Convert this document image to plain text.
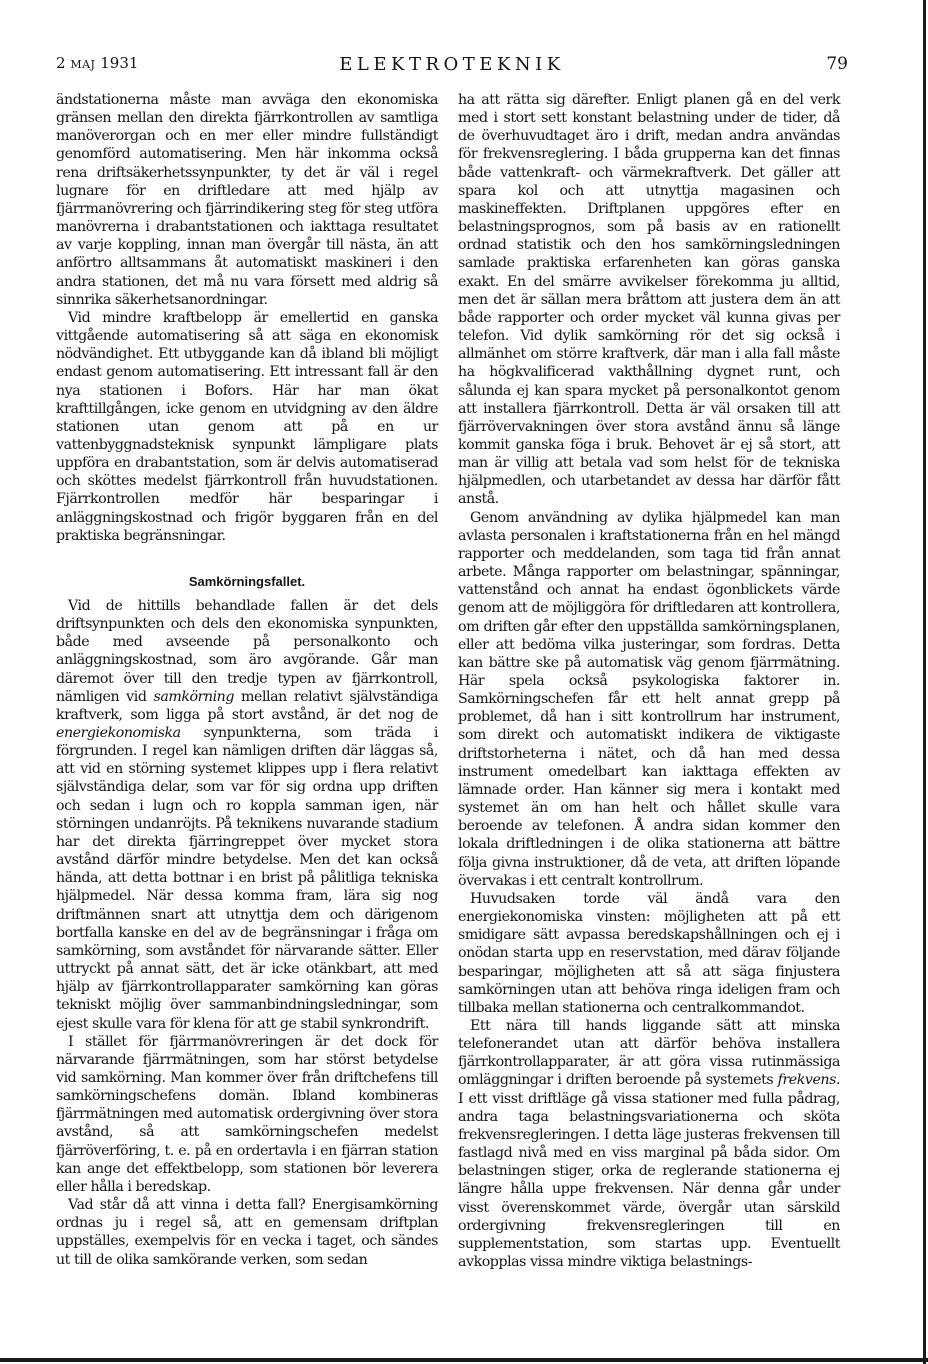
2 MAJ 1931	ELEKTROTEKNIK	79

ändstationerna måste man avväga den ekonomiska gränsen mellan den direkta fjärrkontrollen av samtliga manöverorgan och en mer eller mindre fullständigt genomförd automatisering. Men här inkomma också rena driftsäkerhetssynpunkter, ty det är väl i regel lugnare för en driftledare att med hjälp av fjärrmanövrering och fjärrindikering steg för steg utföra manövrerna i drabantstationen och iakttaga resultatet av varje koppling, innan man övergår till nästa, än att anförtro alltsammans åt automatiskt maskineri i den andra stationen, det må nu vara försett med aldrig så sinnrika säkerhetsanordningar.

Vid mindre kraftbelopp är emellertid en ganska vittgående automatisering så att säga en ekonomisk nödvändighet. Ett utbyggande kan då ibland bli möjligt endast genom automatisering. Ett intressant fall är den nya stationen i Bofors. Här har man ökat krafttillgången, icke genom en utvidgning av den äldre stationen utan genom att på en ur vattenbyggnadsteknisk synpunkt lämpligare plats uppföra en drabantstation, som är delvis automatiserad och sköttes medelst fjärrkontroll från huvudstationen. Fjärrkontrollen medför här besparingar i anläggningskostnad och frigör byggaren från en del praktiska begränsningar.

Samkörningsfallet.

Vid de hittills behandlade fallen är det dels driftsynpunkten och dels den ekonomiska synpunkten, både med avseende på personalkonto och anläggningskostnad, som äro avgörande. Går man däremot över till den tredje typen av fjärrkontroll, nämligen vid samkörning mellan relativt självständiga kraftverk, som ligga på stort avstånd, är det nog de energiekonomiska synpunkterna, som träda i förgrunden. I regel kan nämligen driften där läggas så, att vid en störning systemet klippes upp i flera relativt självständiga delar, som var för sig ordna upp driften och sedan i lugn och ro koppla samman igen, när störningen undanröjts. På teknikens nuvarande stadium har det direkta fjärringreppet över mycket stora avstånd därför mindre betydelse. Men det kan också hända, att detta bottnar i en brist på pålitliga tekniska hjälpmedel. När dessa komma fram, lära sig nog driftmännen snart att utnyttja dem och därigenom bortfalla kanske en del av de begränsningar i fråga om samkörning, som avståndet för närvarande sätter. Eller uttryckt på annat sätt, det är icke otänkbart, att med hjälp av fjärrkontrollapparater samkörning kan göras tekniskt möjlig över sammanbindningsledningar, som ejest skulle vara för klena för att ge stabil synkrondrift.

I stället för fjärrmanövreringen är det dock för närvarande fjärrmätningen, som har störst betydelse vid samkörning. Man kommer över från driftchefens till samkörningschefens domän. Ibland kombineras fjärrmätningen med automatisk ordergivning över stora avstånd, så att samkörningschefen medelst fjärröverföring, t. e. på en ordertavla i en fjärran station kan ange det effektbelopp, som stationen bör leverera eller hålla i beredskap.

Vad står då att vinna i detta fall? Energisamkörning ordnas ju i regel så, att en gemensam driftplan uppställes, exempelvis för en vecka i taget, och sändes ut till de olika samkörande verken, som sedan

ha att rätta sig därefter. Enligt planen gå en del verk med i stort sett konstant belastning under de tider, då de överhuvudtaget äro i drift, medan andra användas för frekvensreglering. I båda grupperna kan det finnas både vattenkraft- och värmekraftverk. Det gäller att spara kol och att utnyttja magasinen och maskineffekten. Driftplanen uppgöres efter en belastningsprognos, som på basis av en rationellt ordnad statistik och den hos samkörningsledningen samlade praktiska erfarenheten kan göras ganska exakt. En del smärre avvikelser förekomma ju alltid, men det är sällan mera bråttom att justera dem än att både rapporter och order mycket väl kunna givas per telefon. Vid dylik samkörning rör det sig också i allmänhet om större kraftverk, där man i alla fall måste ha högkvalificerad vakthållning dygnet runt, och sålunda ej kan spara mycket på personalkontot genom att installera fjärrkontroll. Detta är väl orsaken till att fjärrövervakningen över stora avstånd ännu så länge kommit ganska föga i bruk. Behovet är ej så stort, att man är villig att betala vad som helst för de tekniska hjälpmedlen, och utarbetandet av dessa har därför fått anstå.

Genom användning av dylika hjälpmedel kan man avlasta personalen i kraftstationerna från en hel mängd rapporter och meddelanden, som taga tid från annat arbete. Många rapporter om belastningar, spänningar, vattenstånd och annat ha endast ögonblickets värde genom att de möjliggöra för driftledaren att kontrollera, om driften går efter den uppställda samkörningsplanen, eller att bedöma vilka justeringar, som fordras. Detta kan bättre ske på automatisk väg genom fjärrmätning. Här spela också psykologiska faktorer in. Samkörningschefen får ett helt annat grepp på problemet, då han i sitt kontrollrum har instrument, som direkt och automatiskt indikera de viktigaste driftstorheterna i nätet, och då han med dessa instrument omedelbart kan iakttaga effekten av lämnade order. Han känner sig mera i kontakt med systemet än om han helt och hållet skulle vara beroende av telefonen. Å andra sidan kommer den lokala driftledningen i de olika stationerna att bättre följa givna instruktioner, då de veta, att driften löpande övervakas i ett centralt kontrollrum.

Huvudsaken torde väl ändå vara den energiekonomiska vinsten: möjligheten att på ett smidigare sätt avpassa beredskapshållningen och ej i onödan starta upp en reservstation, med därav följande besparingar, möjligheten att så att säga finjustera samkörningen utan att behöva ringa ideligen fram och tillbaka mellan stationerna och centralkommandot.

Ett nära till hands liggande sätt att minska telefonerandet utan att därför behöva installera fjärrkontrollapparater, är att göra vissa rutinmässiga omläggningar i driften beroende på systemets frekvens. I ett visst driftläge gå vissa stationer med fulla pådrag, andra taga belastningsvariationerna och sköta frekvensregleringen. I detta läge justeras frekvensen till fastlagd nivå med en viss marginal på båda sidor. Om belastningen stiger, orka de reglerande stationerna ej längre hålla uppe frekvensen. När denna går under visst överenskommet värde, övergår utan särskild ordergivning frekvensregleringen till en supplementstation, som startas upp. Eventuellt avkopplas vissa mindre viktiga belastnings-
